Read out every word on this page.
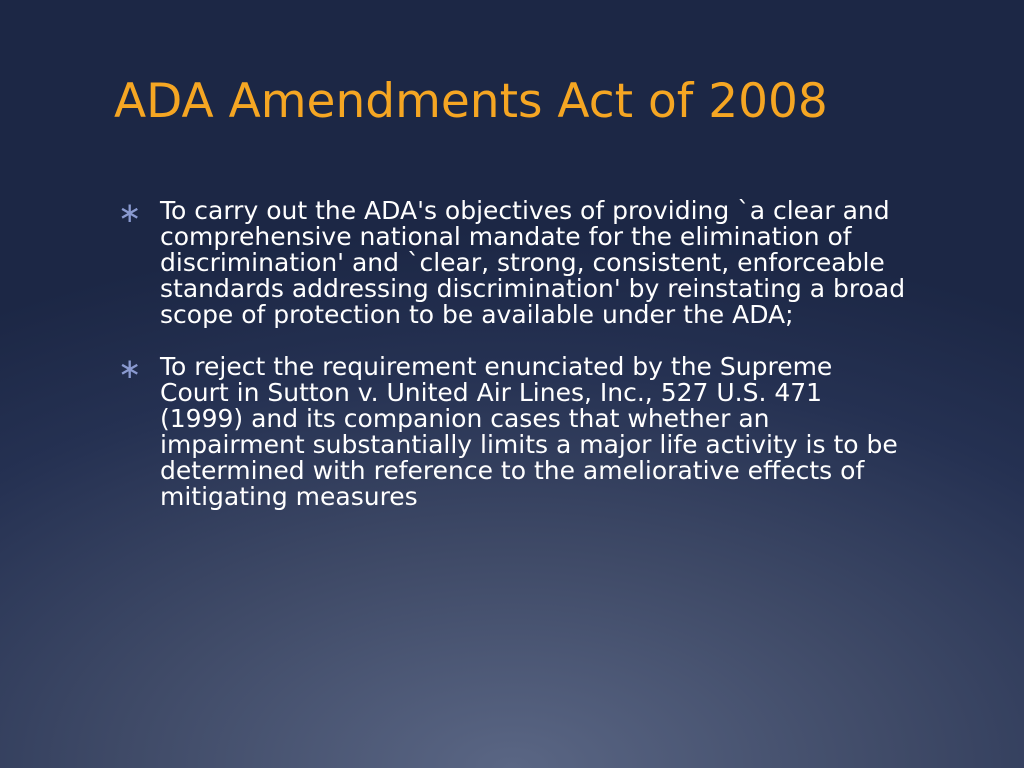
ADA Amendments Act of 2008
∗ To carry out the ADA's objectives of providing `a clear and comprehensive national mandate for the elimination of discrimination' and `clear, strong, consistent, enforceable standards addressing discrimination' by reinstating a broad scope of protection to be available under the ADA;
∗ To reject the requirement enunciated by the Supreme Court in Sutton v. United Air Lines, Inc., 527 U.S. 471 (1999) and its companion cases that whether an impairment substantially limits a major life activity is to be determined with reference to the ameliorative effects of mitigating measures
